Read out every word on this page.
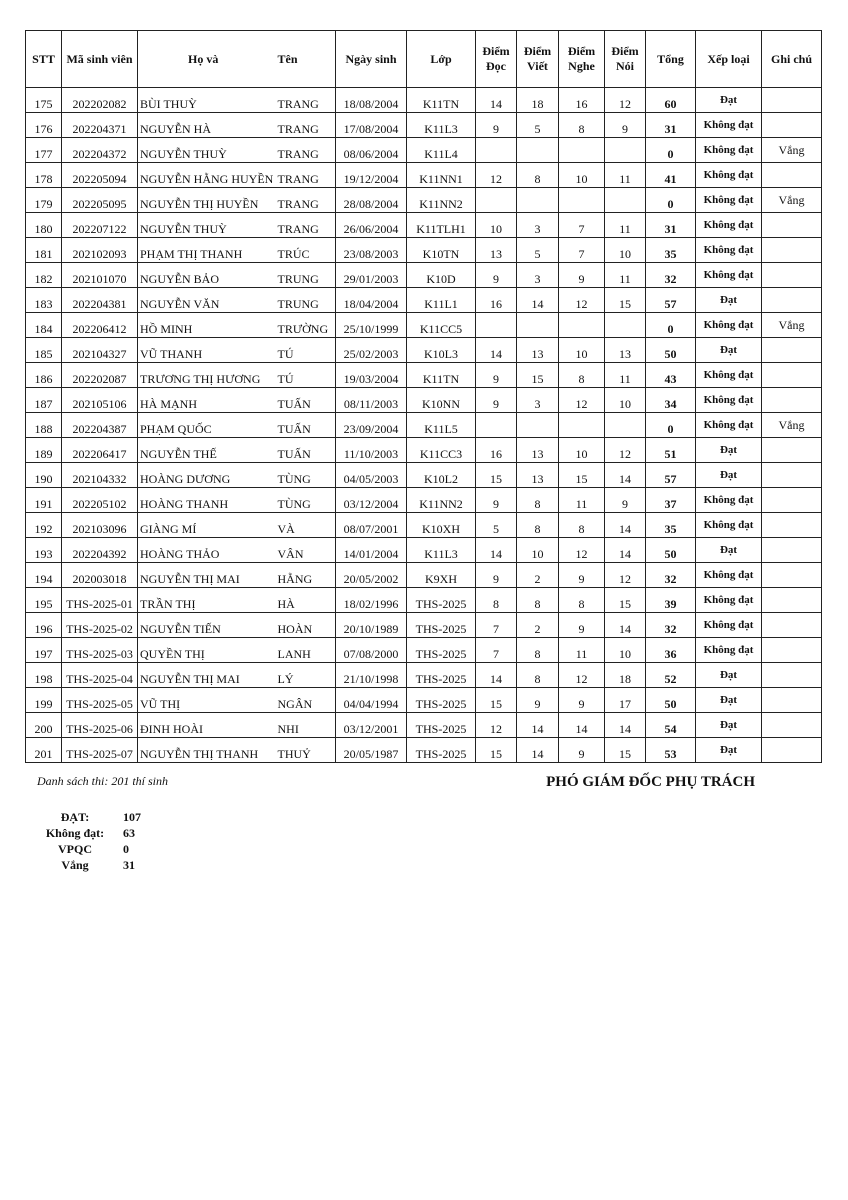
STT	Mã sinh viên	Họ và	Tên	Ngày sinh	Lớp	Điểm Đọc	Điểm Viết	Điểm Nghe	Điểm Nói	Tổng	Xếp loại	Ghi chú
175	202202082	BÙI THUỲ	TRANG	18/08/2004	K11TN	14	18	16	12	60	Đạt	
176	202204371	NGUYỄN HÀ	TRANG	17/08/2004	K11L3	9	5	8	9	31	Không đạt	
177	202204372	NGUYỄN THUỲ	TRANG	08/06/2004	K11L4					0	Không đạt	Vắng
178	202205094	NGUYỄN HẰNG HUYỀN	TRANG	19/12/2004	K11NN1	12	8	10	11	41	Không đạt	
179	202205095	NGUYỄN THỊ HUYỀN	TRANG	28/08/2004	K11NN2					0	Không đạt	Vắng
180	202207122	NGUYỄN THUỲ	TRANG	26/06/2004	K11TLH1	10	3	7	11	31	Không đạt	
181	202102093	PHẠM THỊ THANH	TRÚC	23/08/2003	K10TN	13	5	7	10	35	Không đạt	
182	202101070	NGUYỄN BẢO	TRUNG	29/01/2003	K10D	9	3	9	11	32	Không đạt	
183	202204381	NGUYỄN VĂN	TRUNG	18/04/2004	K11L1	16	14	12	15	57	Đạt	
184	202206412	HỒ MINH	TRƯỜNG	25/10/1999	K11CC5					0	Không đạt	Vắng
185	202104327	VŨ THANH	TÚ	25/02/2003	K10L3	14	13	10	13	50	Đạt	
186	202202087	TRƯƠNG THỊ HƯƠNG	TÚ	19/03/2004	K11TN	9	15	8	11	43	Không đạt	
187	202105106	HÀ MẠNH	TUẤN	08/11/2003	K10NN	9	3	12	10	34	Không đạt	
188	202204387	PHẠM QUỐC	TUẤN	23/09/2004	K11L5					0	Không đạt	Vắng
189	202206417	NGUYỄN THẾ	TUẤN	11/10/2003	K11CC3	16	13	10	12	51	Đạt	
190	202104332	HOÀNG DƯƠNG	TÙNG	04/05/2003	K10L2	15	13	15	14	57	Đạt	
191	202205102	HOÀNG THANH	TÙNG	03/12/2004	K11NN2	9	8	11	9	37	Không đạt	
192	202103096	GIÀNG MÍ	VÀ	08/07/2001	K10XH	5	8	8	14	35	Không đạt	
193	202204392	HOÀNG THẢO	VÂN	14/01/2004	K11L3	14	10	12	14	50	Đạt	
194	202003018	NGUYỄN THỊ MAI	HẰNG	20/05/2002	K9XH	9	2	9	12	32	Không đạt	
195	THS-2025-01	TRẦN THỊ	HÀ	18/02/1996	THS-2025	8	8	8	15	39	Không đạt	
196	THS-2025-02	NGUYỄN TIẾN	HOÀN	20/10/1989	THS-2025	7	2	9	14	32	Không đạt	
197	THS-2025-03	QUYỀN THỊ	LANH	07/08/2000	THS-2025	7	8	11	10	36	Không đạt	
198	THS-2025-04	NGUYỄN THỊ MAI	LÝ	21/10/1998	THS-2025	14	8	12	18	52	Đạt	
199	THS-2025-05	VŨ THỊ	NGÂN	04/04/1994	THS-2025	15	9	9	17	50	Đạt	
200	THS-2025-06	ĐINH HOÀI	NHI	03/12/2001	THS-2025	12	14	14	14	54	Đạt	
201	THS-2025-07	NGUYỄN THỊ THANH	THUỶ	20/05/1987	THS-2025	15	14	9	15	53	Đạt	
Danh sách thi: 201 thí sinh	PHÓ GIÁM ĐỐC PHỤ TRÁCH
ĐẠT:	107
Không đạt:	63
VPQC	0
Vắng	31
